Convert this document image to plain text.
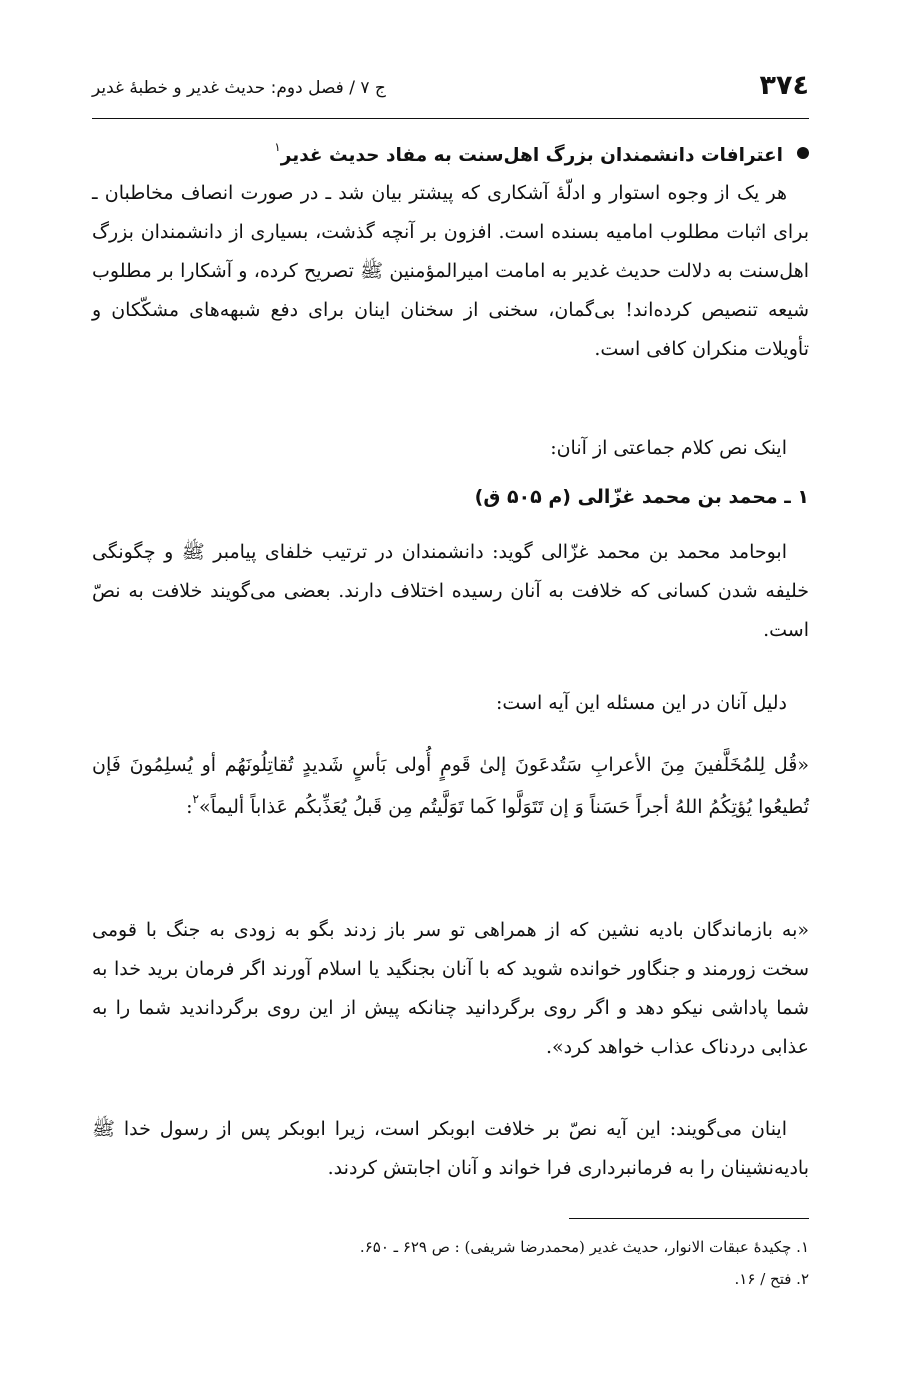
۳۷٤
ج ۷ / فصل دوم: حدیث غدیر و خطبهٔ غدیر
اعترافات دانشمندان بزرگ اهل‌سنت به مفاد حدیث غدیر$^۱$

هر یک از وجوه استوار و ادلّهٔ آشکاری که پیشتر بیان شد ـ در صورت انصاف مخاطبان ـ برای اثبات مطلوب امامیه بسنده است. افزون بر آنچه گذشت، بسیاری از دانشمندان بزرگ اهل‌سنت به دلالت حدیث غدیر به امامت امیرالمؤمنین ﷺ تصریح کرده، و آشکارا بر مطلوب شیعه تنصیص کرده‌اند! بی‌گمان، سخنی از سخنان اینان برای دفع شبهه‌های مشکّکان و تأویلات منکران کافی است.

اینک نص کلام جماعتی از آنان:

۱ ـ محمد بن محمد غزّالی (م ۵۰۵ ق)

ابوحامد محمد بن محمد غزّالی گوید: دانشمندان در ترتیب خلفای پیامبر ﷺ و چگونگی خلیفه شدن کسانی که خلافت به آنان رسیده اختلاف دارند. بعضی می‌گویند خلافت به نصّ است.

دلیل آنان در این مسئله این آیه است:

«قُل لِلمُخَلَّفینَ مِنَ الأعرابِ سَتُدعَونَ إلیٰ قَومٍ أُولی بَأسٍ شَدیدٍ تُقاتِلُونَهُم أو یُسلِمُونَ فَإن تُطیعُوا یُؤتِکُمُ اللهُ أجراً حَسَناً وَ إن تَتَوَلَّوا کَما تَوَلَّیتُم مِن قَبلُ یُعَذِّبکُم عَذاباً ألیماً»$^۲$:

«به بازماندگان بادیه نشین که از همراهی تو سر باز زدند بگو به زودی به جنگ با قومی سخت زورمند و جنگاور خوانده شوید که با آنان بجنگید یا اسلام آورند اگر فرمان برید خدا به شما پاداشی نیکو دهد و اگر روی برگردانید چنانکه پیش از این روی برگرداندید شما را به عذابی دردناک عذاب خواهد کرد».

اینان می‌گویند: این آیه نصّ بر خلافت ابوبکر است، زیرا ابوبکر پس از رسول خدا ﷺ بادیه‌نشینان را به فرمانبرداری فرا خواند و آنان اجابتش کردند.

۱. چکیدهٔ عبقات الانوار، حدیث غدیر (محمدرضا شریفی) : ص ۶۲۹ ـ ۶۵۰.
۲. فتح / ۱۶.
